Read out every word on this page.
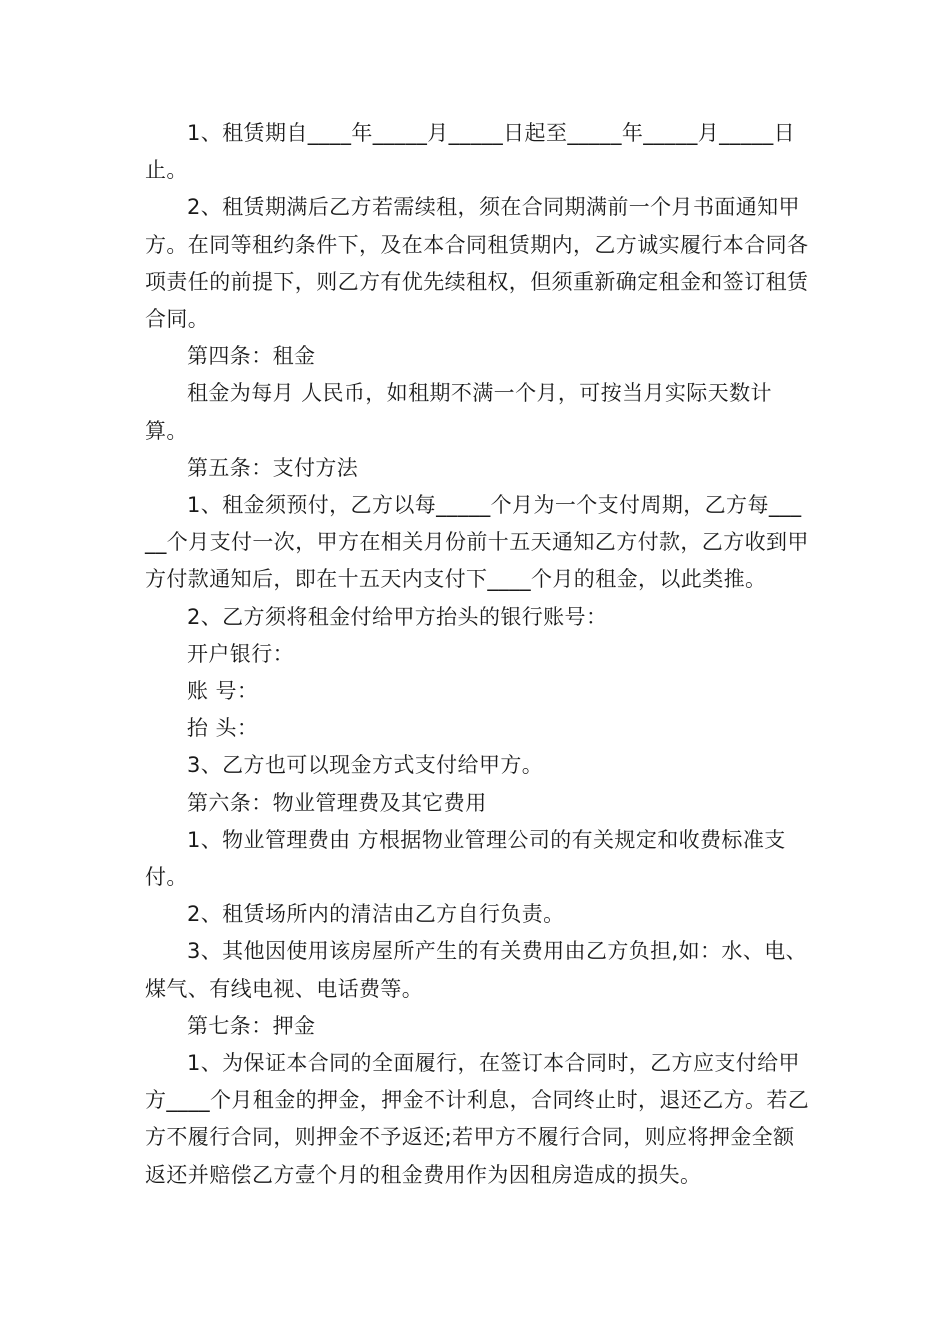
1、租赁期自____年_____月_____日起至_____年_____月_____日止。

2、租赁期满后乙方若需续租，须在合同期满前一个月书面通知甲方。在同等租约条件下，及在本合同租赁期内，乙方诚实履行本合同各项责任的前提下，则乙方有优先续租权，但须重新确定租金和签订租赁合同。

第四条：租金

租金为每月 人民币，如租期不满一个月，可按当月实际天数计算。

第五条：支付方法

1、租金须预付，乙方以每_____个月为一个支付周期，乙方每_____个月支付一次，甲方在相关月份前十五天通知乙方付款，乙方收到甲方付款通知后，即在十五天内支付下____个月的租金，以此类推。

2、乙方须将租金付给甲方抬头的银行账号：

开户银行：

账 号：

抬 头：

3、乙方也可以现金方式支付给甲方。

第六条：物业管理费及其它费用

1、物业管理费由 方根据物业管理公司的有关规定和收费标准支付。

2、租赁场所内的清洁由乙方自行负责。

3、其他因使用该房屋所产生的有关费用由乙方负担,如：水、电、煤气、有线电视、电话费等。

第七条：押金

1、为保证本合同的全面履行，在签订本合同时，乙方应支付给甲方____个月租金的押金，押金不计利息，合同终止时，退还乙方。若乙方不履行合同，则押金不予返还;若甲方不履行合同，则应将押金全额返还并赔偿乙方壹个月的租金费用作为因租房造成的损失。
